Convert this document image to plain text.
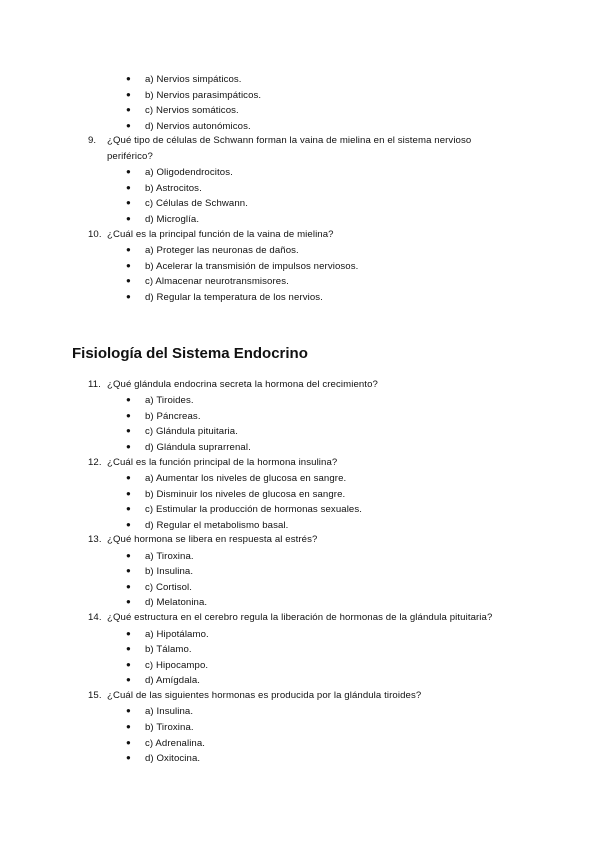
● a) Nervios simpáticos.
● b) Nervios parasimpáticos.
● c) Nervios somáticos.
● d) Nervios autonómicos.
9. ¿Qué tipo de células de Schwann forman la vaina de mielina en el sistema nervioso
periférico?
● a) Oligodendrocitos.
● b) Astrocitos.
● c) Células de Schwann.
● d) Microglía.
10. ¿Cuál es la principal función de la vaina de mielina?
● a) Proteger las neuronas de daños.
● b) Acelerar la transmisión de impulsos nerviosos.
● c) Almacenar neurotransmisores.
● d) Regular la temperatura de los nervios.
Fisiología del Sistema Endocrino
11. ¿Qué glándula endocrina secreta la hormona del crecimiento?
● a) Tiroides.
● b) Páncreas.
● c) Glándula pituitaria.
● d) Glándula suprarrenal.
12. ¿Cuál es la función principal de la hormona insulina?
● a) Aumentar los niveles de glucosa en sangre.
● b) Disminuir los niveles de glucosa en sangre.
● c) Estimular la producción de hormonas sexuales.
● d) Regular el metabolismo basal.
13. ¿Qué hormona se libera en respuesta al estrés?
● a) Tiroxina.
● b) Insulina.
● c) Cortisol.
● d) Melatonina.
14. ¿Qué estructura en el cerebro regula la liberación de hormonas de la glándula pituitaria?
● a) Hipotálamo.
● b) Tálamo.
● c) Hipocampo.
● d) Amígdala.
15. ¿Cuál de las siguientes hormonas es producida por la glándula tiroides?
● a) Insulina.
● b) Tiroxina.
● c) Adrenalina.
● d) Oxitocina.
